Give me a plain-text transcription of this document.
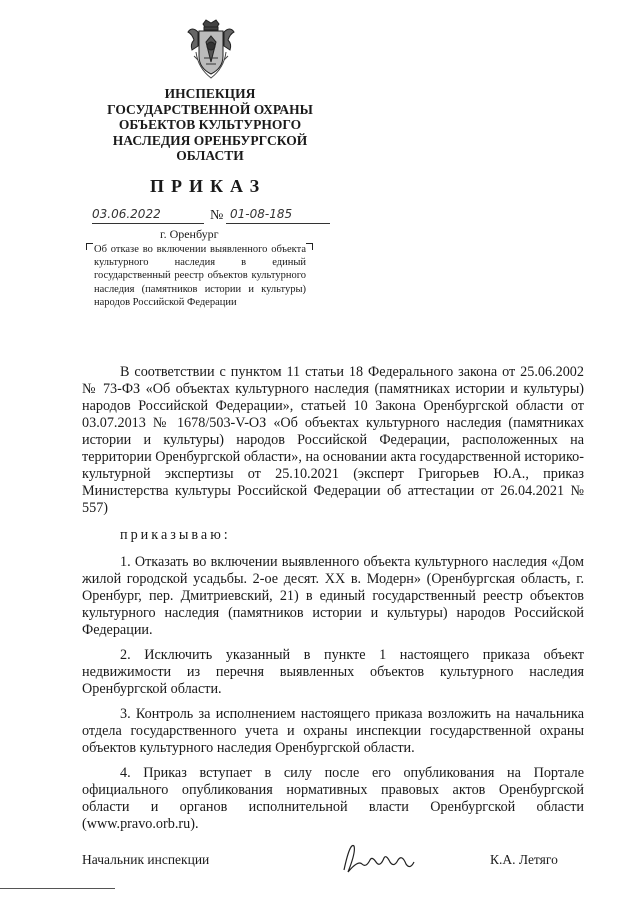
ИНСПЕКЦИЯ
ГОСУДАРСТВЕННОЙ ОХРАНЫ
ОБЪЕКТОВ КУЛЬТУРНОГО
НАСЛЕДИЯ ОРЕНБУРГСКОЙ
ОБЛАСТИ
ПРИКАЗ
03.06.2022	№ 01-08-185
г. Оренбург
Об отказе во включении выявленного объекта культурного наследия в единый государственный реестр объектов культурного наследия (памятников истории и культуры) народов Российской Федерации

В соответствии с пунктом 11 статьи 18 Федерального закона от 25.06.2002 № 73-ФЗ «Об объектах культурного наследия (памятниках истории и культуры) народов Российской Федерации», статьей 10 Закона Оренбургской области от 03.07.2013 № 1678/503-V-ОЗ «Об объектах культурного наследия (памятниках истории и культуры) народов Российской Федерации, расположенных на территории Оренбургской области», на основании акта государственной историко-культурной экспертизы от 25.10.2021 (эксперт Григорьев Ю.А., приказ Министерства культуры Российской Федерации об аттестации от 26.04.2021 № 557)

приказываю:

1. Отказать во включении выявленного объекта культурного наследия «Дом жилой городской усадьбы. 2-ое десят. XX в. Модерн» (Оренбургская область, г. Оренбург, пер. Дмитриевский, 21) в единый государственный реестр объектов культурного наследия (памятников истории и культуры) народов Российской Федерации.

2. Исключить указанный в пункте 1 настоящего приказа объект недвижимости из перечня выявленных объектов культурного наследия Оренбургской области.

3. Контроль за исполнением настоящего приказа возложить на начальника отдела государственного учета и охраны инспекции государственной охраны объектов культурного наследия Оренбургской области.

4. Приказ вступает в силу после его опубликования на Портале официального опубликования нормативных правовых актов Оренбургской области и органов исполнительной власти Оренбургской области (www.pravo.orb.ru).

Начальник инспекции	К.А. Летяго
